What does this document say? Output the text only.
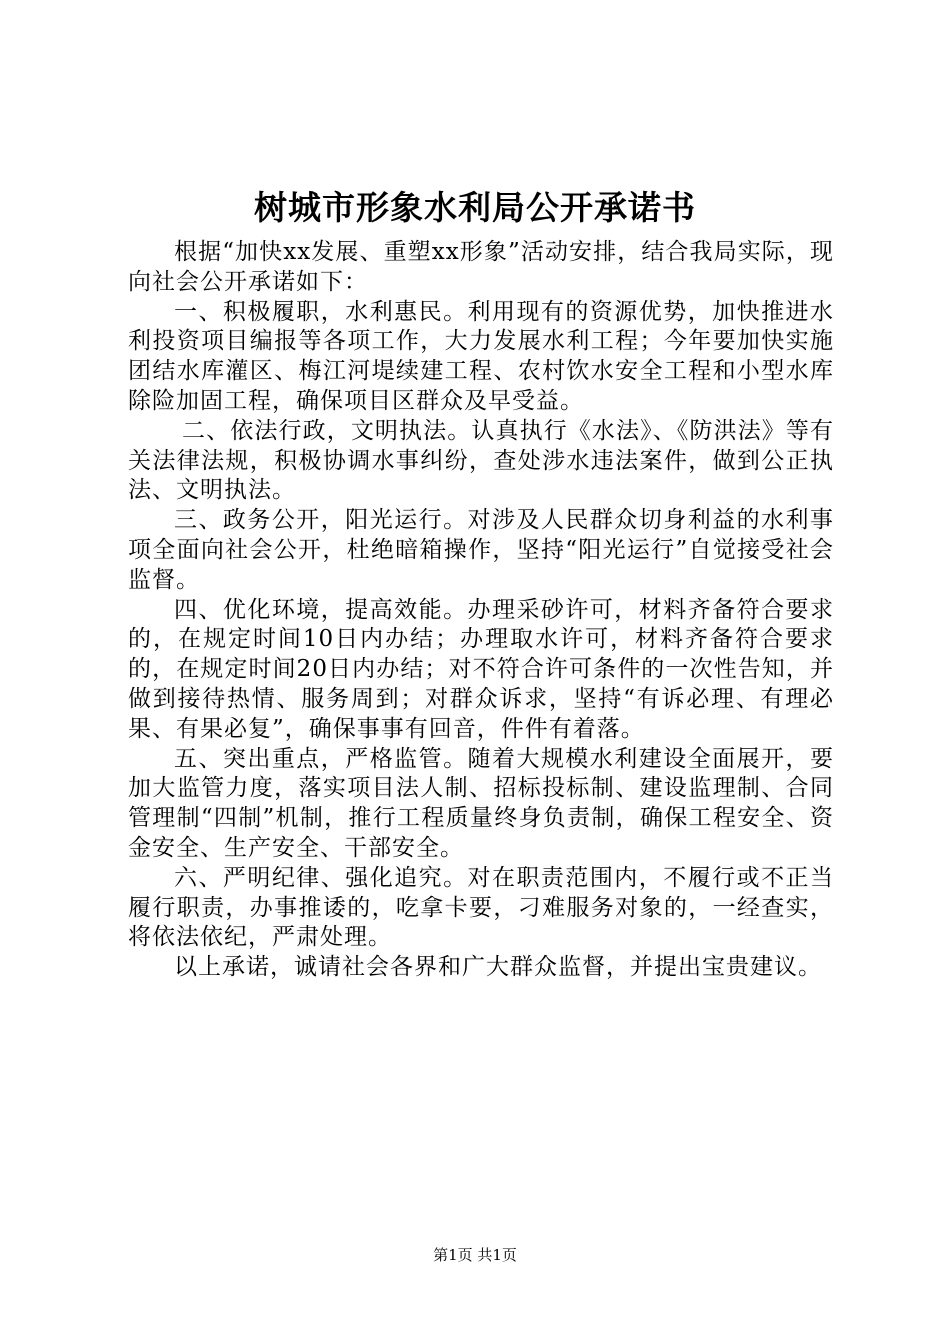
树城市形象水利局公开承诺书

根据“加快xx发展、重塑xx形象”活动安排，结合我局实际，现向社会公开承诺如下：

一、积极履职，水利惠民。利用现有的资源优势，加快推进水利投资项目编报等各项工作，大力发展水利工程；今年要加快实施团结水库灌区、梅江河堤续建工程、农村饮水安全工程和小型水库除险加固工程，确保项目区群众及早受益。

二、依法行政，文明执法。认真执行《水法》、《防洪法》等有关法律法规，积极协调水事纠纷，查处涉水违法案件，做到公正执法、文明执法。

三、政务公开，阳光运行。对涉及人民群众切身利益的水利事项全面向社会公开，杜绝暗箱操作，坚持“阳光运行”自觉接受社会监督。

四、优化环境，提高效能。办理采砂许可，材料齐备符合要求的，在规定时间10日内办结；办理取水许可，材料齐备符合要求的，在规定时间20日内办结；对不符合许可条件的一次性告知，并做到接待热情、服务周到；对群众诉求，坚持“有诉必理、有理必果、有果必复”，确保事事有回音，件件有着落。

五、突出重点，严格监管。随着大规模水利建设全面展开，要加大监管力度，落实项目法人制、招标投标制、建设监理制、合同管理制“四制”机制，推行工程质量终身负责制，确保工程安全、资金安全、生产安全、干部安全。

六、严明纪律、强化追究。对在职责范围内，不履行或不正当履行职责，办事推诿的，吃拿卡要，刁难服务对象的，一经查实，将依法依纪，严肃处理。

以上承诺，诚请社会各界和广大群众监督，并提出宝贵建议。

第1页 共1页
